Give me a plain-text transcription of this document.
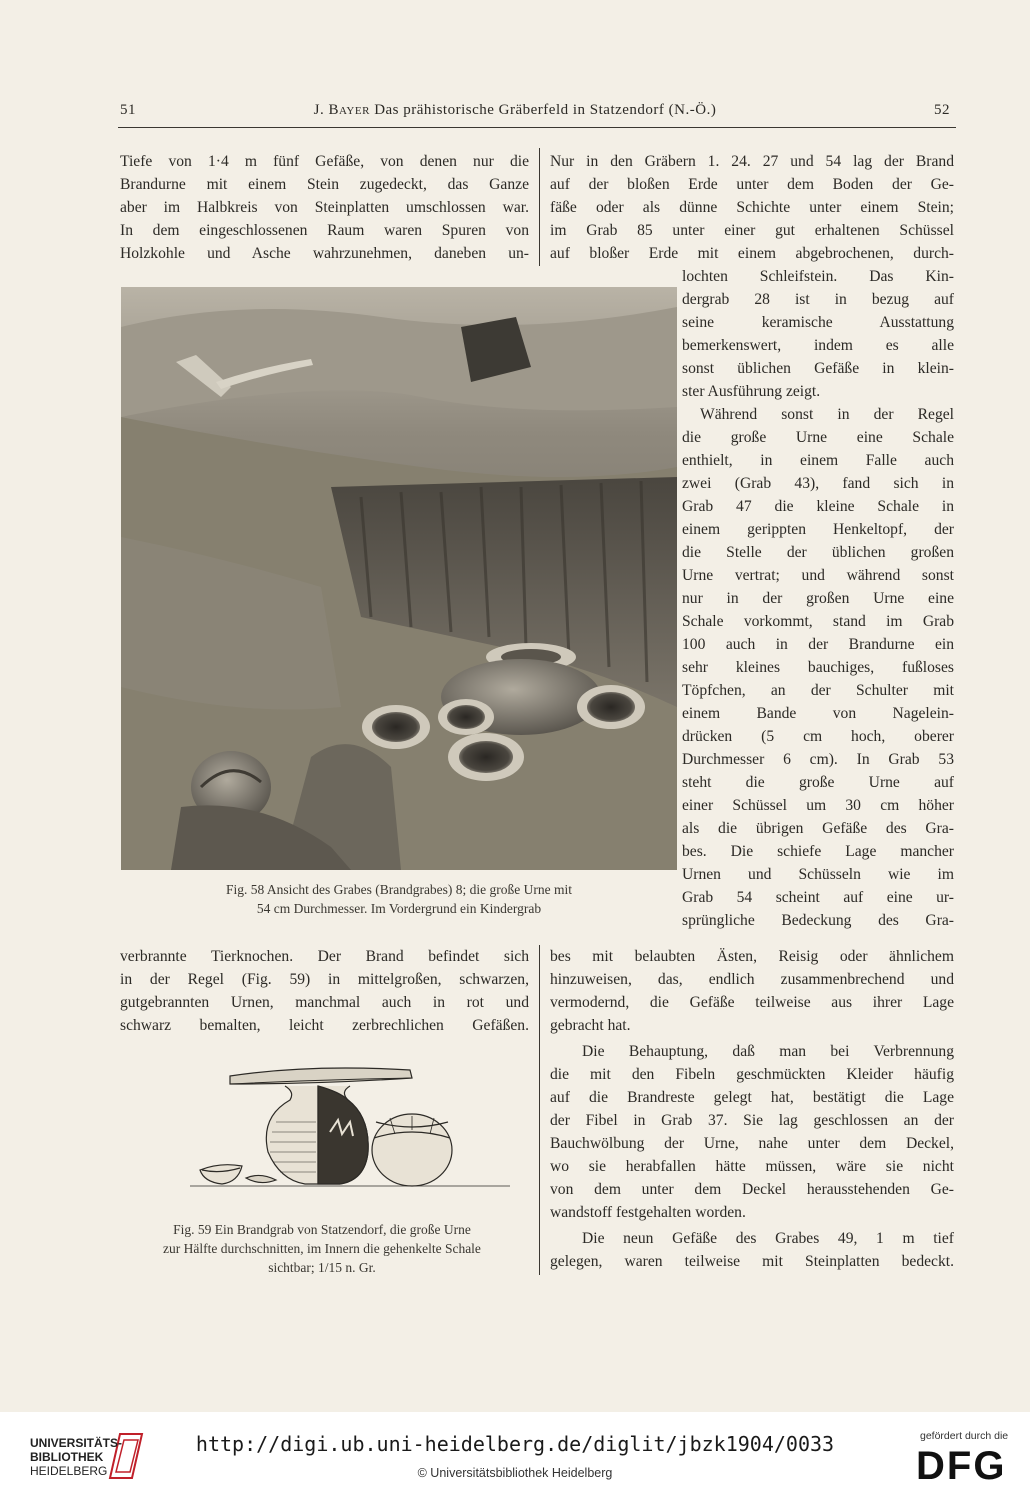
51	J. Bayer Das prähistorische Gräberfeld in Statzendorf (N.-Ö.)	52
Tiefe von 1·4 m fünf Gefäße, von denen nur die
Brandurne mit einem Stein zugedeckt, das Ganze
aber im Halbkreis von Steinplatten umschlossen war.
In dem eingeschlossenen Raum waren Spuren von
Holzkohle und Asche wahrzunehmen, daneben un-
Nur in den Gräbern 1. 24. 27 und 54 lag der Brand
auf der bloßen Erde unter dem Boden der Ge-
fäße oder als dünne Schichte unter einem Stein;
im Grab 85 unter einer gut erhaltenen Schüssel
auf bloßer Erde mit einem abgebrochenen, durch-
lochten Schleifstein. Das Kin-
dergrab 28 ist in bezug auf
seine keramische Ausstattung
bemerkenswert, indem es alle
sonst üblichen Gefäße in klein-
ster Ausführung zeigt.
Während sonst in der Regel
die große Urne eine Schale
enthielt, in einem Falle auch
zwei (Grab 43), fand sich in
Grab 47 die kleine Schale in
einem gerippten Henkeltopf, der
die Stelle der üblichen großen
Urne vertrat; und während sonst
nur in der großen Urne eine
Schale vorkommt, stand im Grab
100 auch in der Brandurne ein
sehr kleines bauchiges, fußloses
Töpfchen, an der Schulter mit
einem Bande von Nagelein-
drücken (5 cm hoch, oberer
Durchmesser 6 cm). In Grab 53
steht die große Urne auf
einer Schüssel um 30 cm höher
als die übrigen Gefäße des Gra-
bes. Die schiefe Lage mancher
Urnen und Schüsseln wie im
Grab 54 scheint auf eine ur-
sprüngliche Bedeckung des Gra-
Fig. 58 Ansicht des Grabes (Brandgrabes) 8; die große Urne mit
54 cm Durchmesser. Im Vordergrund ein Kindergrab
verbrannte Tierknochen. Der Brand befindet sich
in der Regel (Fig. 59) in mittelgroßen, schwarzen,
gutgebrannten Urnen, manchmal auch in rot und
schwarz bemalten, leicht zerbrechlichen Gefäßen.
bes mit belaubten Ästen, Reisig oder ähnlichem
hinzuweisen, das, endlich zusammenbrechend und
vermodernd, die Gefäße teilweise aus ihrer Lage
gebracht hat.
Die Behauptung, daß man bei Verbrennung
die mit den Fibeln geschmückten Kleider häufig
auf die Brandreste gelegt hat, bestätigt die Lage
der Fibel in Grab 37. Sie lag geschlossen an der
Bauchwölbung der Urne, nahe unter dem Deckel,
wo sie herabfallen hätte müssen, wäre sie nicht
von dem unter dem Deckel herausstehenden Ge-
wandstoff festgehalten worden.
Die neun Gefäße des Grabes 49, 1 m tief
gelegen, waren teilweise mit Steinplatten bedeckt.
Fig. 59 Ein Brandgrab von Statzendorf, die große Urne
zur Hälfte durchschnitten, im Innern die gehenkelte Schale
sichtbar; 1/15 n. Gr.
UNIVERSITÄTS-
BIBLIOTHEK
HEIDELBERG
http://digi.ub.uni-heidelberg.de/diglit/jbzk1904/0033
© Universitätsbibliothek Heidelberg
gefördert durch die
DFG
